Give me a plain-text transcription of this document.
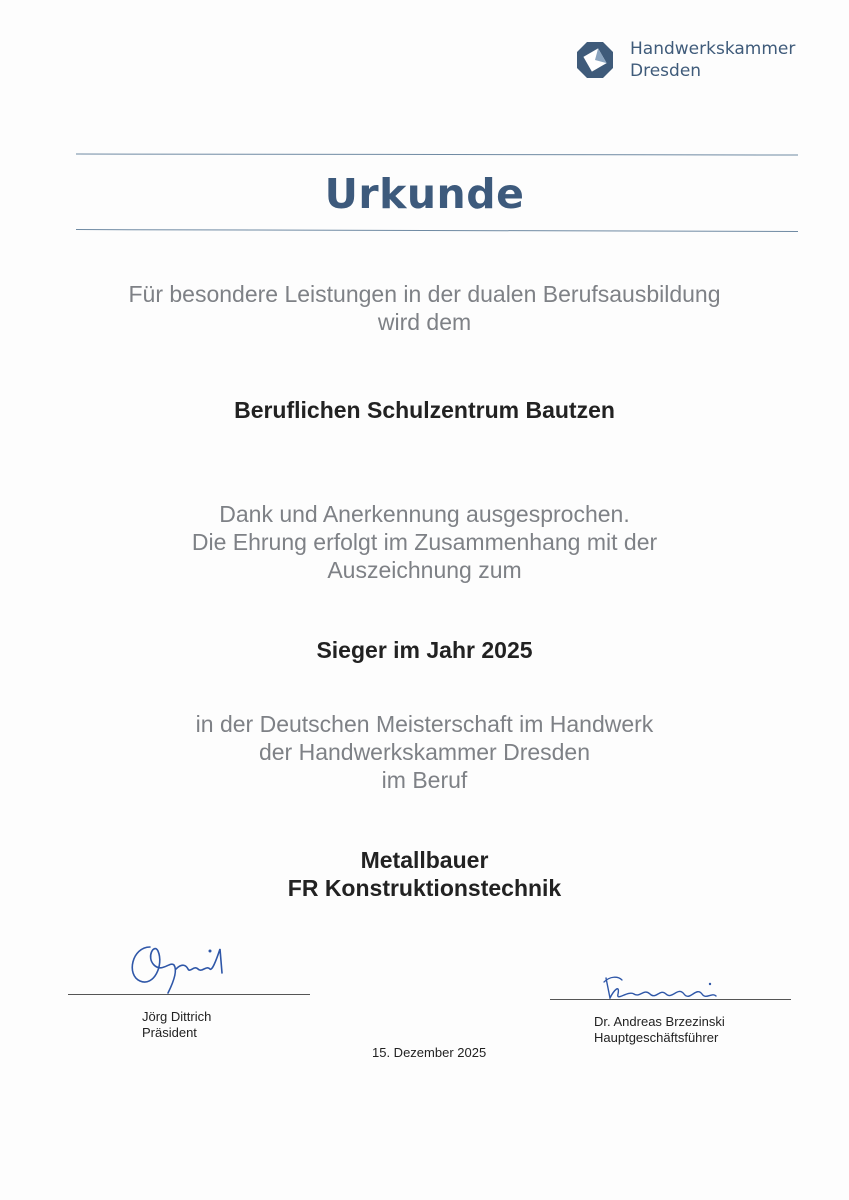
Handwerkskammer
Dresden
Urkunde
Für besondere Leistungen in der dualen Berufsausbildung
wird dem
Beruflichen Schulzentrum Bautzen
Dank und Anerkennung ausgesprochen.
Die Ehrung erfolgt im Zusammenhang mit der
Auszeichnung zum
Sieger im Jahr 2025
in der Deutschen Meisterschaft im Handwerk
der Handwerkskammer Dresden
im Beruf
Metallbauer
FR Konstruktionstechnik
Jörg Dittrich
Präsident
Dr. Andreas Brzezinski
Hauptgeschäftsführer
15. Dezember 2025
